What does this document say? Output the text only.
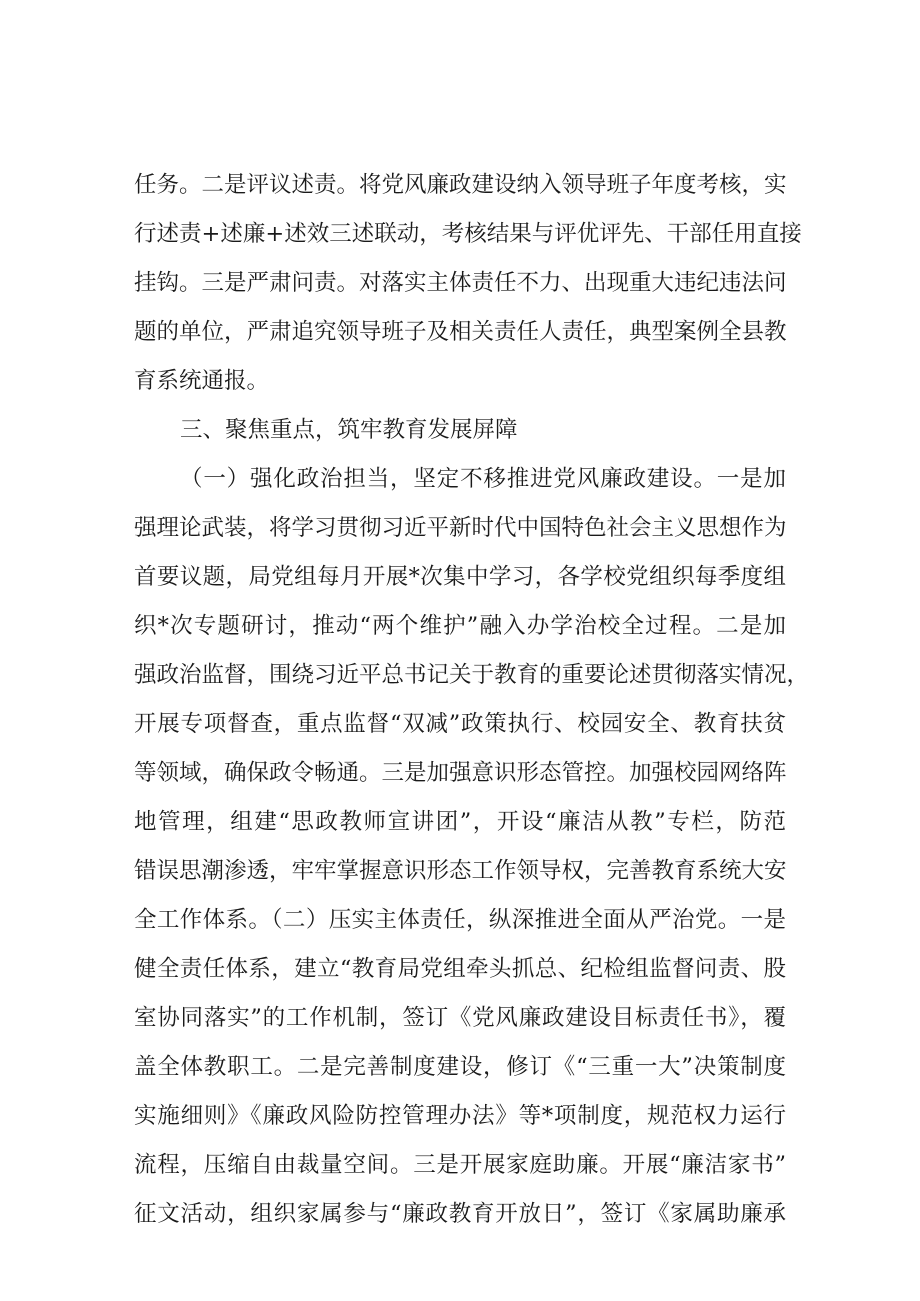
任务。二是评议述责。将党风廉政建设纳入领导班子年度考核，实
行述责+述廉+述效三述联动，考核结果与评优评先、干部任用直接
挂钩。三是严肃问责。对落实主体责任不力、出现重大违纪违法问
题的单位，严肃追究领导班子及相关责任人责任，典型案例全县教
育系统通报。
三、聚焦重点，筑牢教育发展屏障
（一）强化政治担当，坚定不移推进党风廉政建设。一是加
强理论武装，将学习贯彻习近平新时代中国特色社会主义思想作为
首要议题，局党组每月开展*次集中学习，各学校党组织每季度组
织*次专题研讨，推动“两个维护”融入办学治校全过程。二是加
强政治监督，围绕习近平总书记关于教育的重要论述贯彻落实情况，
开展专项督查，重点监督“双减”政策执行、校园安全、教育扶贫
等领域，确保政令畅通。三是加强意识形态管控。加强校园网络阵
地管理，组建“思政教师宣讲团”，开设“廉洁从教”专栏，防范
错误思潮渗透，牢牢掌握意识形态工作领导权，完善教育系统大安
全工作体系。（二）压实主体责任，纵深推进全面从严治党。一是
健全责任体系，建立“教育局党组牵头抓总、纪检组监督问责、股
室协同落实”的工作机制，签订《党风廉政建设目标责任书》，覆
盖全体教职工。二是完善制度建设，修订《“三重一大”决策制度
实施细则》《廉政风险防控管理办法》等*项制度，规范权力运行
流程，压缩自由裁量空间。三是开展家庭助廉。开展“廉洁家书”
征文活动，组织家属参与“廉政教育开放日”，签订《家属助廉承
